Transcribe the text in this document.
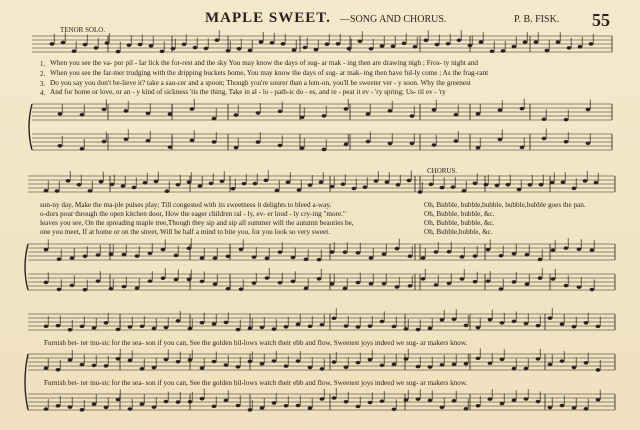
MAPLE SWEET. —SONG AND CHORUS.	P. B. FISK. 55
TENOR SOLO.
CHORUS.
1. When you see the va- por pil - lar lick the for-rest and the sky You may know the days of sug- ar mak - ing then are drawing nigh ; Fros- ty night and
2. When you see the far-mer trudging with the dripping buckets home, You may know the days of sug- ar mak- ing then have ful-ly come ; As the frag-rant
3. Do you say you don't be-lieve it? take a sau-cer and a spoon; Though you're sourer than a lem-on, you'll be sweeter ver - y soon. Why the greenest
4. And for home or love, or an - y kind of sickness 'tis the thing, Take in al - lo - path-ic do - es, and re - peat it ev - 'ry spring; Us- til ev - 'ry
sun-ny day, Make the ma-ple pulses play; Till congested with its sweetness it delights to bleed a-way.
o-dors pour through the open kitchen door, How the eager children ral - ly, ev- er loud - ly cry-ing "more."
leaves you see, On the spreading maple tree,Though they sip and sip all summer will the autumn beauties be,
one you meet, If at home or on the street, Will be half a mind to bite you, for you look so very sweet.
Oh, Bubble, bubble,bubble, bubble,bubble goes the pan.
Oh, Bubble, bubble, &c.
Oh, Bubble, bubble, &c.
Oh, Bubble,bubble, &c.
Furnish bet- ter mu-sic for the sea- son if you can, See the golden bil-lows watch their ebb and flow, Sweetest joys indeed we sug- ar makers know.
Furnish bet- ter mu-sic for the sea- son if you can, See the golden bil-lows watch their ebb and flow, Sweetest joys indeed we sug- ar makers know.
